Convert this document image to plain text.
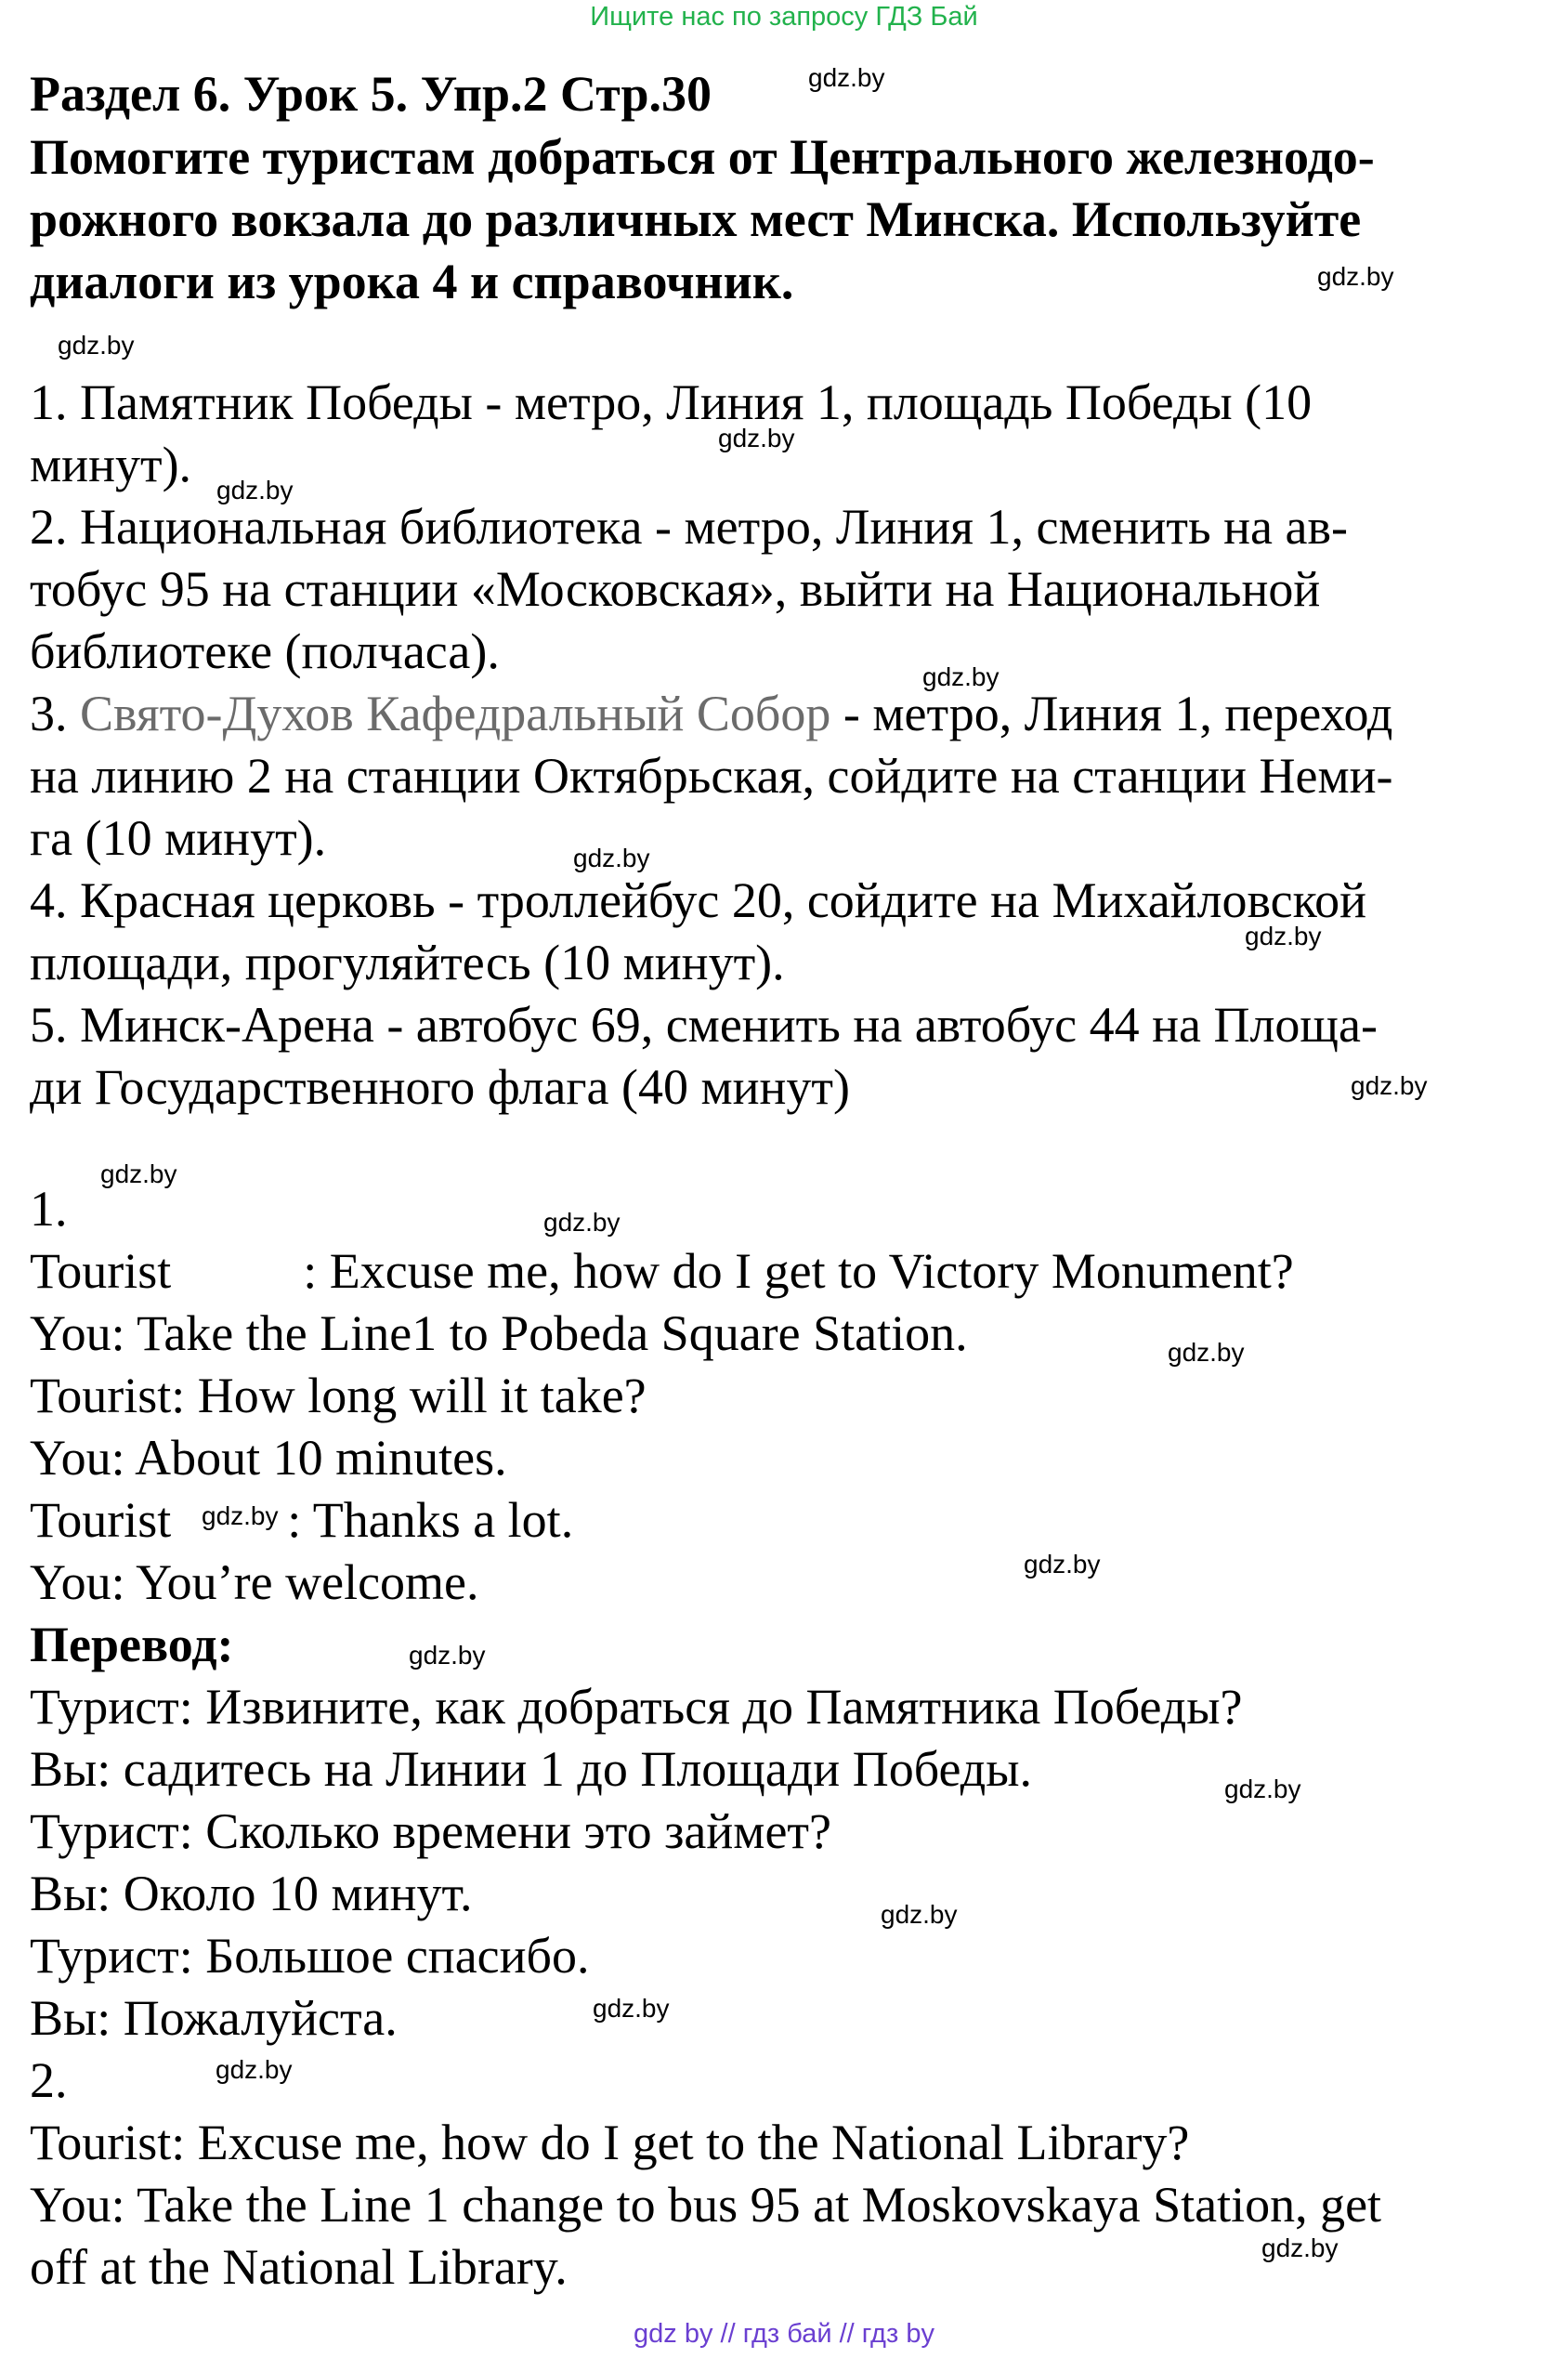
Ищите нас по запросу ГДЗ Бай
Раздел 6. Урок 5. Упр.2 Стр.30
Помогите туристам добраться от Центрального железнодо-
рожного вокзала до различных мест Минска. Используйте
диалоги из урока 4 и справочник.
1. Памятник Победы - метро, Линия 1, площадь Победы (10
минут).
2. Национальная библиотека - метро, Линия 1, сменить на ав-
тобус 95 на станции «Московская», выйти на Национальной
библиотеке (полчаса).
3. Свято-Духов Кафедральный Собор - метро, Линия 1, переход
на линию 2 на станции Октябрьская, сойдите на станции Неми-
га (10 минут).
4. Красная церковь - троллейбус 20, сойдите на Михайловской
площади, прогуляйтесь (10 минут).
5. Минск-Арена - автобус 69, сменить на автобус 44 на Площа-
ди Государственного флага (40 минут)
1.
Tourist	: Excuse me, how do I get to Victory Monument?
You: Take the Line1 to Pobeda Square Station.
Tourist: How long will it take?
You: About 10 minutes.
Tourist : Thanks a lot.
You: You’re welcome.
Перевод:
Турист: Извините, как добраться до Памятника Победы?
Вы: садитесь на Линии 1 до Площади Победы.
Турист: Сколько времени это займет?
Вы: Около 10 минут.
Турист: Большое спасибо.
Вы: Пожалуйста.
2.
Tourist: Excuse me, how do I get to the National Library?
You: Take the Line 1 change to bus 95 at Moskovskaya Station, get
off at the National Library.
gdz.by
gdz.by
gdz.by
gdz.by
gdz.by
gdz.by
gdz.by
gdz.by
gdz.by
gdz.by
gdz.by
gdz.by
gdz.by
gdz.by
gdz.by
gdz.by
gdz.by
gdz.by
gdz.by
gdz.by
gdz by // гдз бай // гдз by
